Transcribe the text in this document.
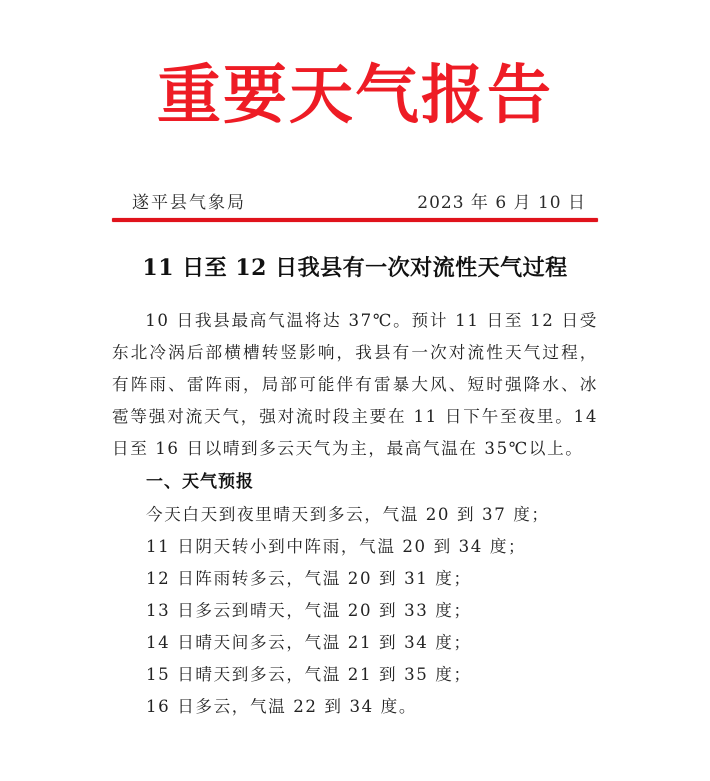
重要天气报告
遂平县气象局	2023 年 6 月 10 日
11 日至 12 日我县有一次对流性天气过程

10 日我县最高气温将达 37℃。预计 11 日至 12 日受东北冷涡后部横槽转竖影响，我县有一次对流性天气过程，有阵雨、雷阵雨，局部可能伴有雷暴大风、短时强降水、冰雹等强对流天气，强对流时段主要在 11 日下午至夜里。14 日至 16 日以晴到多云天气为主，最高气温在 35℃以上。

一、天气预报
今天白天到夜里晴天到多云，气温 20 到 37 度；
11 日阴天转小到中阵雨，气温 20 到 34 度；
12 日阵雨转多云，气温 20 到 31 度；
13 日多云到晴天，气温 20 到 33 度；
14 日晴天间多云，气温 21 到 34 度；
15 日晴天到多云，气温 21 到 35 度；
16 日多云，气温 22 到 34 度。
